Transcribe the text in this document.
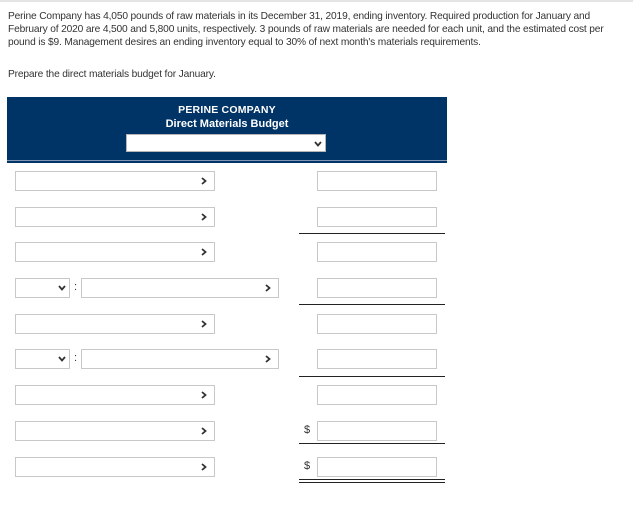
Perine Company has 4,050 pounds of raw materials in its December 31, 2019, ending inventory. Required production for January and February of 2020 are 4,500 and 5,800 units, respectively. 3 pounds of raw materials are needed for each unit, and the estimated cost per pound is $9. Management desires an ending inventory equal to 30% of next month's materials requirements.
Prepare the direct materials budget for January.
PERINE COMPANY
Direct Materials Budget
:
:
$
$
